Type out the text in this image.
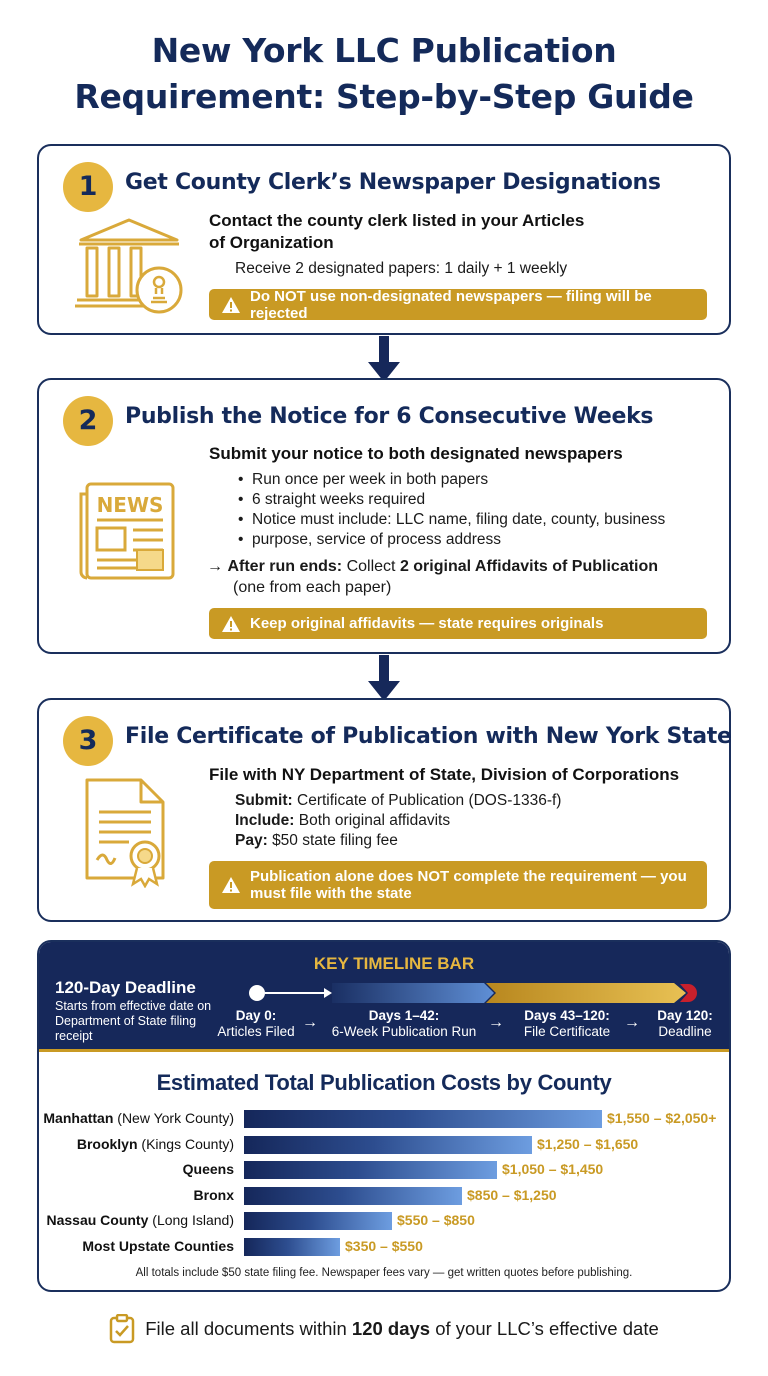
New York LLC Publication
Requirement: Step-by-Step Guide
1	Get County Clerk’s Newspaper Designations
Contact the county clerk listed in your Articles
of Organization
Receive 2 designated papers: 1 daily + 1 weekly
Do NOT use non-designated newspapers — filing will be rejected
2	Publish the Notice for 6 Consecutive Weeks
NEWS
Submit your notice to both designated newspapers
• Run once per week in both papers
• 6 straight weeks required
• Notice must include: LLC name, filing date, county, business
• purpose, service of process address
→ After run ends: Collect 2 original Affidavits of Publication
(one from each paper)
Keep original affidavits — state requires originals
3	File Certificate of Publication with New York State
File with NY Department of State, Division of Corporations
Submit: Certificate of Publication (DOS-1336-f)
Include: Both original affidavits
Pay: $50 state filing fee
Publication alone does NOT complete the requirement — you
must file with the state
KEY TIMELINE BAR
120-Day Deadline
Starts from effective date on Department of State filing receipt
Day 0:
Articles Filed
→	Days 1–42:
6-Week Publication Run
→	Days 43–120:
File Certificate
→	Day 120:
Deadline
Estimated Total Publication Costs by County
Manhattan (New York County)	$1,550 – $2,050+
Brooklyn (Kings County)	$1,250 – $1,650
Queens	$1,050 – $1,450
Bronx	$850 – $1,250
Nassau County (Long Island)	$550 – $850
Most Upstate Counties	$350 – $550
All totals include $50 state filing fee. Newspaper fees vary — get written quotes before publishing.
File all documents within
120 days
of your LLC’s effective date
